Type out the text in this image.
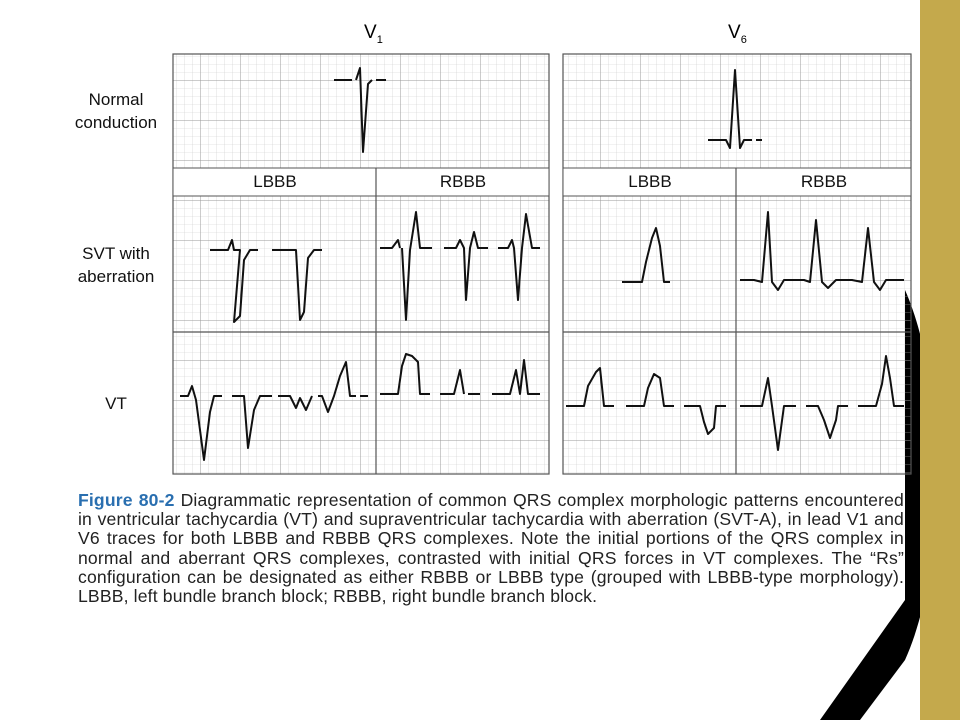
$V_1$	$V_6$
Normal conduction
SVT with aberration
VT
LBBB	RBBB	LBBB	RBBB
Figure 80-2 Diagrammatic representation of common QRS complex morphologic patterns encountered in ventricular tachycardia (VT) and supraventricular tachycardia with aberration (SVT-A), in lead V1 and V6 traces for both LBBB and RBBB QRS complexes. Note the initial portions of the QRS complex in normal and aberrant QRS complexes, contrasted with initial QRS forces in VT complexes. The “Rs” configuration can be designated as either RBBB or LBBB type (grouped with LBBB-type morphology). LBBB, left bundle branch block; RBBB, right bundle branch block.
